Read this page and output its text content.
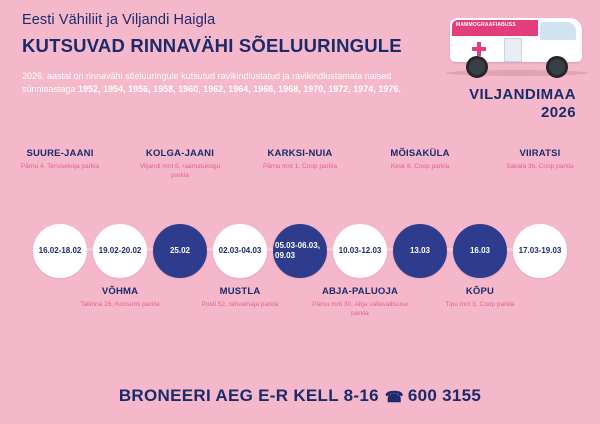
Eesti Vähiliit ja Viljandi Haigla
KUTSUVAD RINNAVÄHI SÕELUURINGULE
2026. aastal on rinnavähi sõeluuringule kutsutud ravikindlustatud ja ravikindlustamata naised sünniaastaga 1952, 1954, 1956, 1958, 1960, 1962, 1964, 1966, 1968, 1970, 1972, 1974, 1976.
MAMMOGRAAFIABUSS
VILJANDIMAA
2026
SUURE-JAANI
Pärnu 4, Tervisekoja parkla
16.02-18.02 19.02-20.02
VÕHMA
Tallinna 26, Konsumi parkla
KOLGA-JAANI
Viljandi mnt 6, raamatukogu parkla
25.02	02.03-04.03
MUSTLA
Posti 52, rahvamaja parkla
KARKSI-NUIA
Pärnu mnt 1, Coop parkla
05.03-06.03, 09.03
10.03-12.03
ABJA-PALUOJA
Pärnu mnt 30, Abja vallavalitsuse parkla
MÕISAKÜLA
Kesk 8, Coop parkla
13.03	16.03
KÕPU
Tipu mnt 3, Coop parkla
VIIRATSI
Sakala 3b, Coop parkla
17.03-19.03
BRONEERI AEG E-R KELL 8-16 ☎ 600 3155
